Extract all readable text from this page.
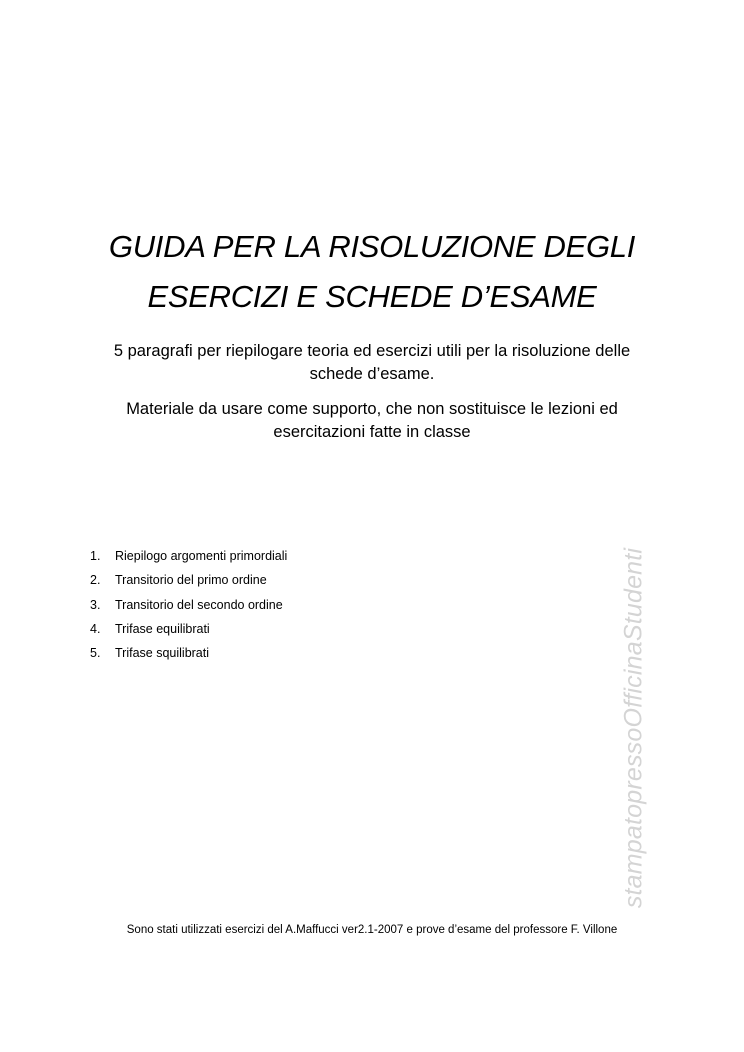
GUIDA PER LA RISOLUZIONE DEGLI
ESERCIZI E SCHEDE D’ESAME
5 paragrafi per riepilogare teoria ed esercizi utili per la risoluzione delle schede d’esame.
Materiale da usare come supporto, che non sostituisce le lezioni ed esercitazioni fatte in classe
1.	Riepilogo argomenti primordiali
2.	Transitorio del primo ordine
3.	Transitorio del secondo ordine
4.	Trifase equilibrati
5.	Trifase squilibrati	stampatopressoOfficinaStudenti
Sono stati utilizzati esercizi del A.Maffucci ver2.1-2007 e prove d’esame del professore F. Villone
